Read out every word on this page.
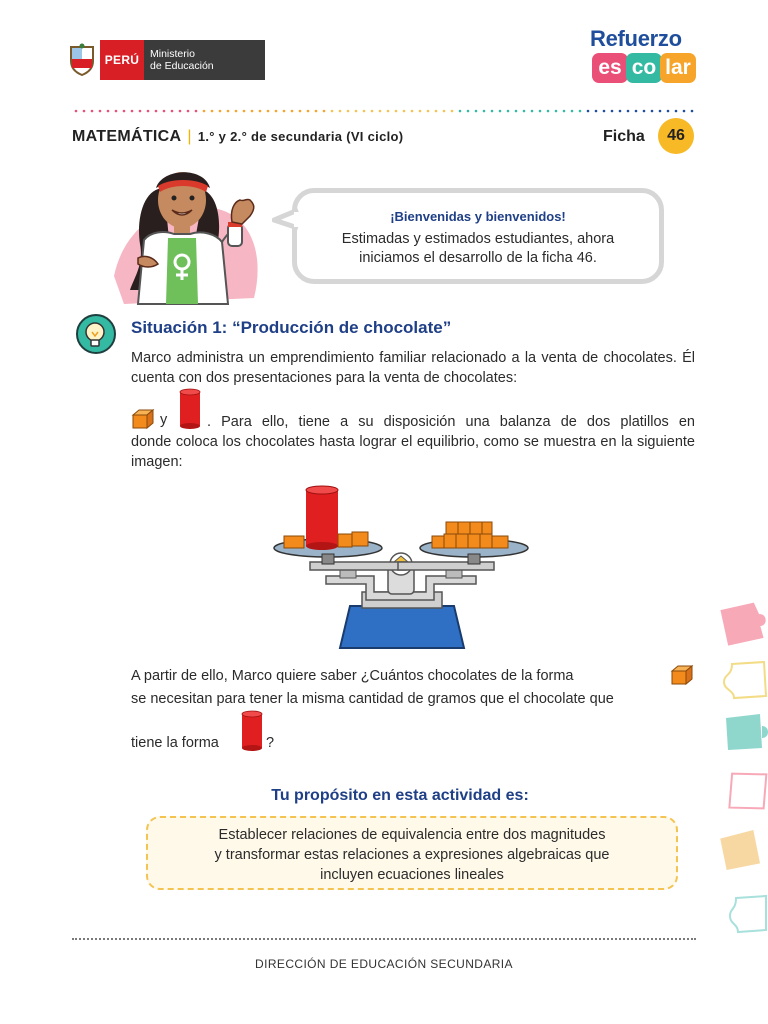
PERÚ	Ministerio
de Educación
Refuerzo
es co lar
MATEMÁTICA | 1.° y 2.° de secundaria (VI ciclo)	Ficha	46
¡Bienvenidas y bienvenidos!
Estimadas y estimados estudiantes, ahora
iniciamos el desarrollo de la ficha 46.
Situación 1: “Producción de chocolate”
Marco administra un emprendimiento familiar relacionado a la venta de chocolates. Él cuenta con dos presentaciones para la venta de chocolates:
y	. Para ello, tiene a su disposición una balanza de dos platillos en
donde coloca los chocolates hasta lograr el equilibrio, como se muestra en la siguiente imagen:
A partir de ello, Marco quiere saber ¿Cuántos chocolates de la forma
se necesitan para tener la misma cantidad de gramos que el chocolate que
tiene la forma	?
Tu propósito en esta actividad es:
Establecer relaciones de equivalencia entre dos magnitudes
y transformar estas relaciones a expresiones algebraicas que
incluyen ecuaciones lineales
DIRECCIÓN DE EDUCACIÓN SECUNDARIA
